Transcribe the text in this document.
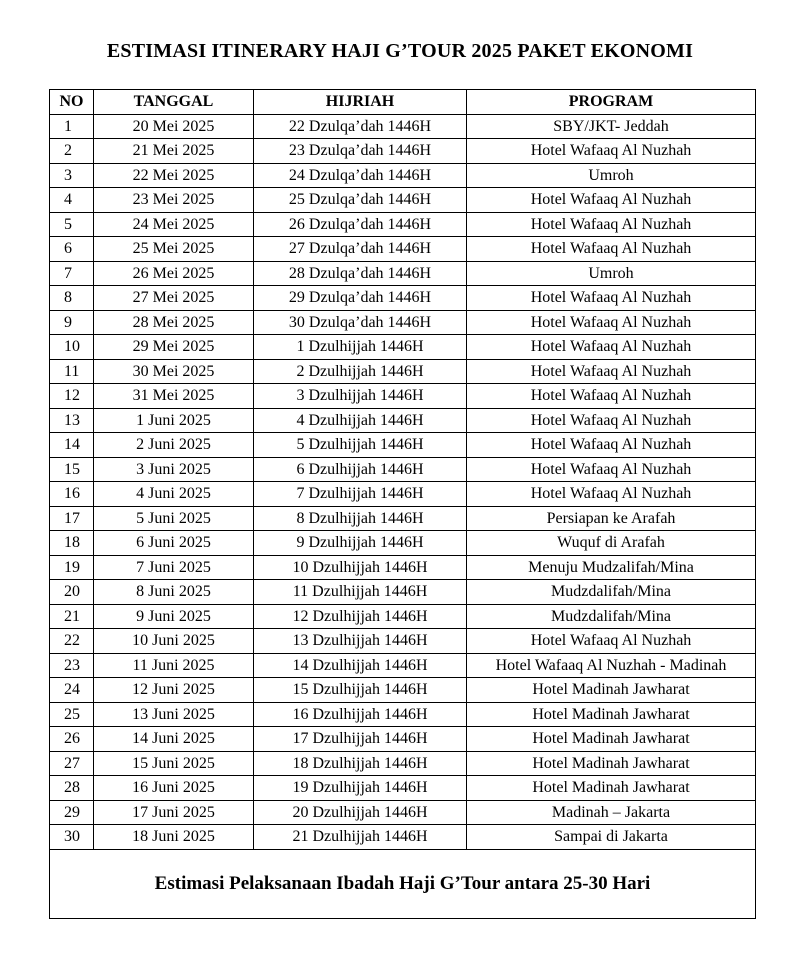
ESTIMASI ITINERARY HAJI G’TOUR 2025 PAKET EKONOMI
NO	TANGGAL	HIJRIAH	PROGRAM
1	20 Mei 2025	22 Dzulqa’dah 1446H	SBY/JKT- Jeddah
2	21 Mei 2025	23 Dzulqa’dah 1446H	Hotel Wafaaq Al Nuzhah
3	22 Mei 2025	24 Dzulqa’dah 1446H	Umroh
4	23 Mei 2025	25 Dzulqa’dah 1446H	Hotel Wafaaq Al Nuzhah
5	24 Mei 2025	26 Dzulqa’dah 1446H	Hotel Wafaaq Al Nuzhah
6	25 Mei 2025	27 Dzulqa’dah 1446H	Hotel Wafaaq Al Nuzhah
7	26 Mei 2025	28 Dzulqa’dah 1446H	Umroh
8	27 Mei 2025	29 Dzulqa’dah 1446H	Hotel Wafaaq Al Nuzhah
9	28 Mei 2025	30 Dzulqa’dah 1446H	Hotel Wafaaq Al Nuzhah
10	29 Mei 2025	1 Dzulhijjah 1446H	Hotel Wafaaq Al Nuzhah
11	30 Mei 2025	2 Dzulhijjah 1446H	Hotel Wafaaq Al Nuzhah
12	31 Mei 2025	3 Dzulhijjah 1446H	Hotel Wafaaq Al Nuzhah
13	1 Juni 2025	4 Dzulhijjah 1446H	Hotel Wafaaq Al Nuzhah
14	2 Juni 2025	5 Dzulhijjah 1446H	Hotel Wafaaq Al Nuzhah
15	3 Juni 2025	6 Dzulhijjah 1446H	Hotel Wafaaq Al Nuzhah
16	4 Juni 2025	7 Dzulhijjah 1446H	Hotel Wafaaq Al Nuzhah
17	5 Juni 2025	8 Dzulhijjah 1446H	Persiapan ke Arafah
18	6 Juni 2025	9 Dzulhijjah 1446H	Wuquf di Arafah
19	7 Juni 2025	10 Dzulhijjah 1446H	Menuju Mudzalifah/Mina
20	8 Juni 2025	11 Dzulhijjah 1446H	Mudzdalifah/Mina
21	9 Juni 2025	12 Dzulhijjah 1446H	Mudzdalifah/Mina
22	10 Juni 2025	13 Dzulhijjah 1446H	Hotel Wafaaq Al Nuzhah
23	11 Juni 2025	14 Dzulhijjah 1446H	Hotel Wafaaq Al Nuzhah - Madinah
24	12 Juni 2025	15 Dzulhijjah 1446H	Hotel Madinah Jawharat
25	13 Juni 2025	16 Dzulhijjah 1446H	Hotel Madinah Jawharat
26	14 Juni 2025	17 Dzulhijjah 1446H	Hotel Madinah Jawharat
27	15 Juni 2025	18 Dzulhijjah 1446H	Hotel Madinah Jawharat
28	16 Juni 2025	19 Dzulhijjah 1446H	Hotel Madinah Jawharat
29	17 Juni 2025	20 Dzulhijjah 1446H	Madinah – Jakarta
30	18 Juni 2025	21 Dzulhijjah 1446H	Sampai di Jakarta
Estimasi Pelaksanaan Ibadah Haji G’Tour antara 25-30 Hari			
